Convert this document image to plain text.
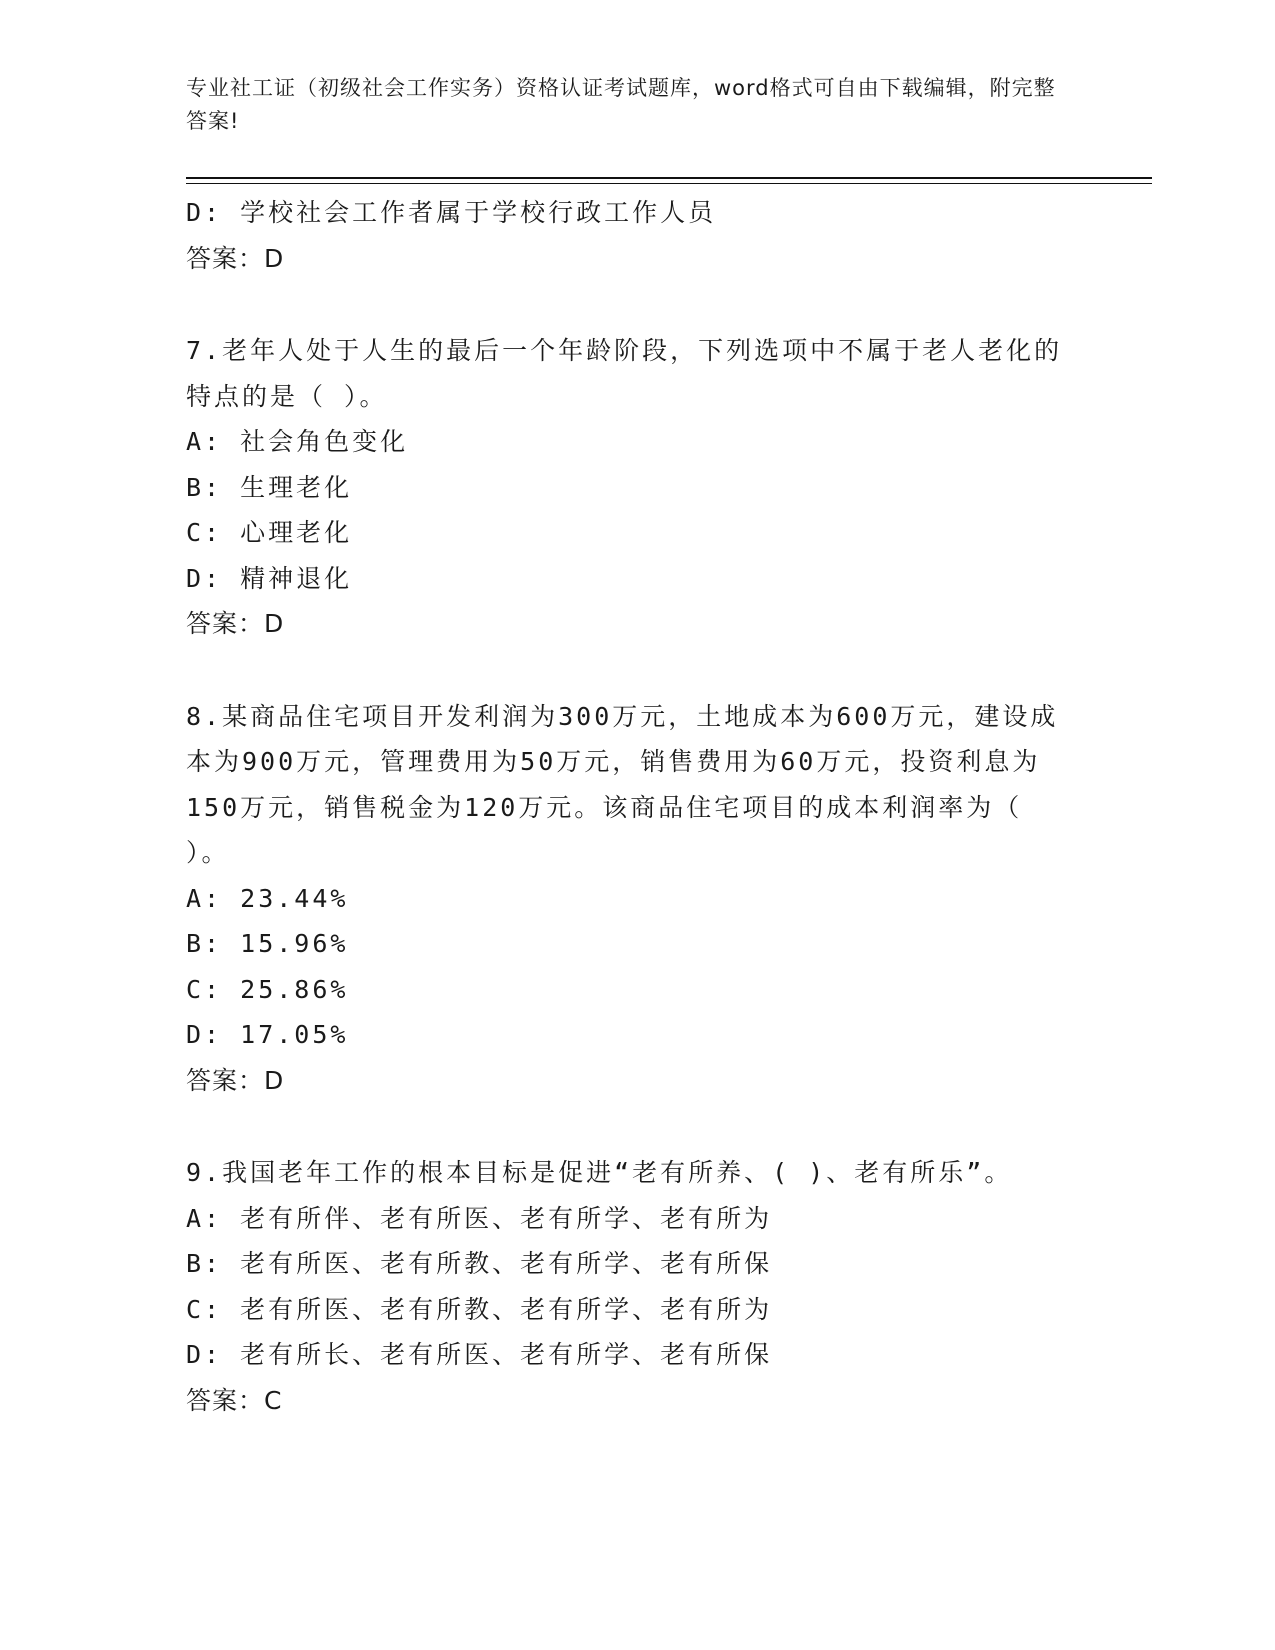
专业社工证（初级社会工作实务）资格认证考试题库，word格式可自由下载编辑，附完整答案!
D: 学校社会工作者属于学校行政工作人员
答案：D
7.老年人处于人生的最后一个年龄阶段，下列选项中不属于老人老化的特点的是（ ）。
A: 社会角色变化
B: 生理老化
C: 心理老化
D: 精神退化
答案：D
8.某商品住宅项目开发利润为300万元，土地成本为600万元，建设成本为900万元，管理费用为50万元，销售费用为60万元，投资利息为150万元，销售税金为120万元。该商品住宅项目的成本利润率为（ ）。
A: 23.44%
B: 15.96%
C: 25.86%
D: 17.05%
答案：D
9.我国老年工作的根本目标是促进“老有所养、( )、老有所乐”。
A: 老有所伴、老有所医、老有所学、老有所为
B: 老有所医、老有所教、老有所学、老有所保
C: 老有所医、老有所教、老有所学、老有所为
D: 老有所长、老有所医、老有所学、老有所保
答案：C
